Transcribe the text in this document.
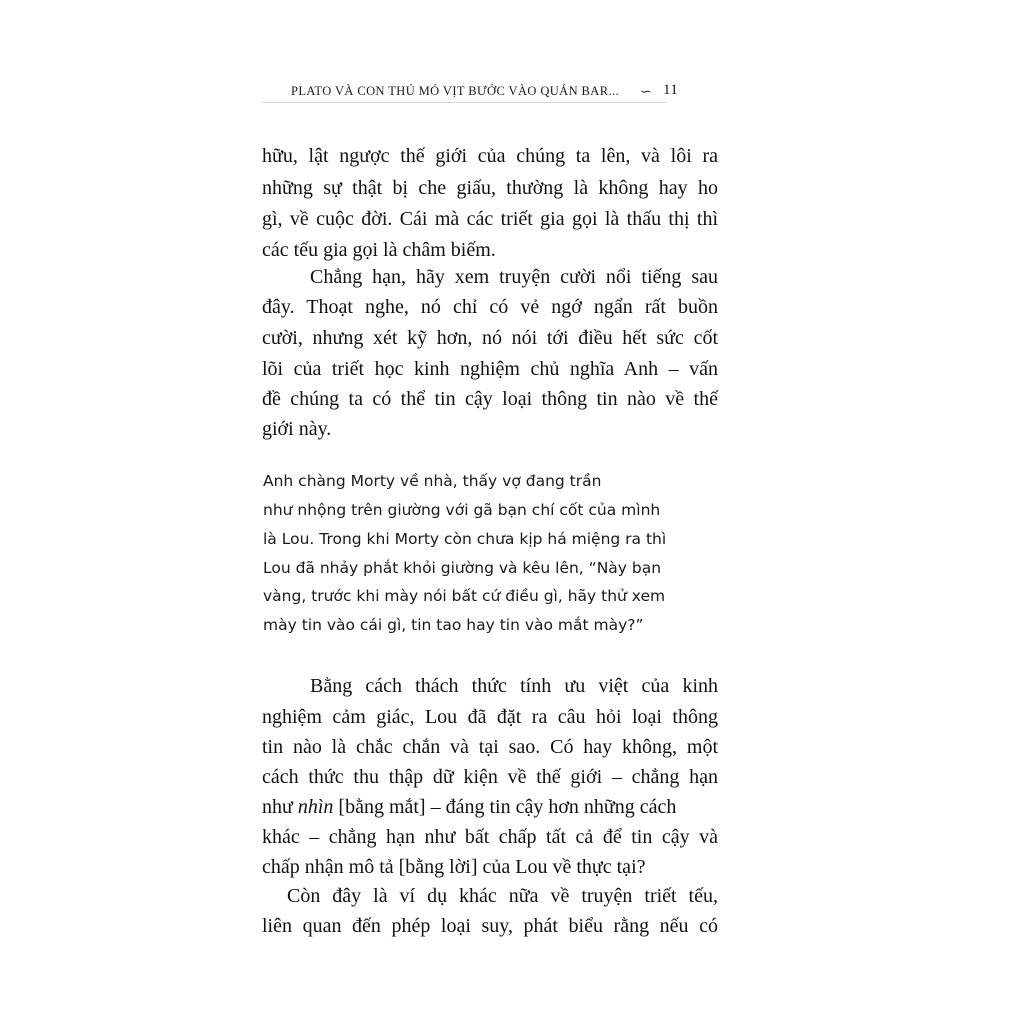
PLATO VÀ CON THÚ MỎ VỊT BƯỚC VÀO QUÁN BAR... ∽ 11
hữu, lật ngược thế giới của chúng ta lên, và lôi ra
những sự thật bị che giấu, thường là không hay ho
gì, về cuộc đời. Cái mà các triết gia gọi là thấu thị thì
các tếu gia gọi là châm biếm.
Chẳng hạn, hãy xem truyện cười nổi tiếng sau
đây. Thoạt nghe, nó chỉ có vẻ ngớ ngẩn rất buồn
cười, nhưng xét kỹ hơn, nó nói tới điều hết sức cốt
lõi của triết học kinh nghiệm chủ nghĩa Anh – vấn
đề chúng ta có thể tin cậy loại thông tin nào về thế
giới này.
Anh chàng Morty về nhà, thấy vợ đang trần
như nhộng trên giường với gã bạn chí cốt của mình
là Lou. Trong khi Morty còn chưa kịp há miệng ra thì
Lou đã nhảy phắt khỏi giường và kêu lên, “Này bạn
vàng, trước khi mày nói bất cứ điều gì, hãy thử xem
mày tin vào cái gì, tin tao hay tin vào mắt mày?”
Bằng cách thách thức tính ưu việt của kinh
nghiệm cảm giác, Lou đã đặt ra câu hỏi loại thông
tin nào là chắc chắn và tại sao. Có hay không, một
cách thức thu thập dữ kiện về thế giới – chẳng hạn
như nhìn [bằng mắt] – đáng tin cậy hơn những cách
khác – chẳng hạn như bất chấp tất cả để tin cậy và
chấp nhận mô tả [bằng lời] của Lou về thực tại?
Còn đây là ví dụ khác nữa về truyện triết tếu,
liên quan đến phép loại suy, phát biểu rằng nếu có
